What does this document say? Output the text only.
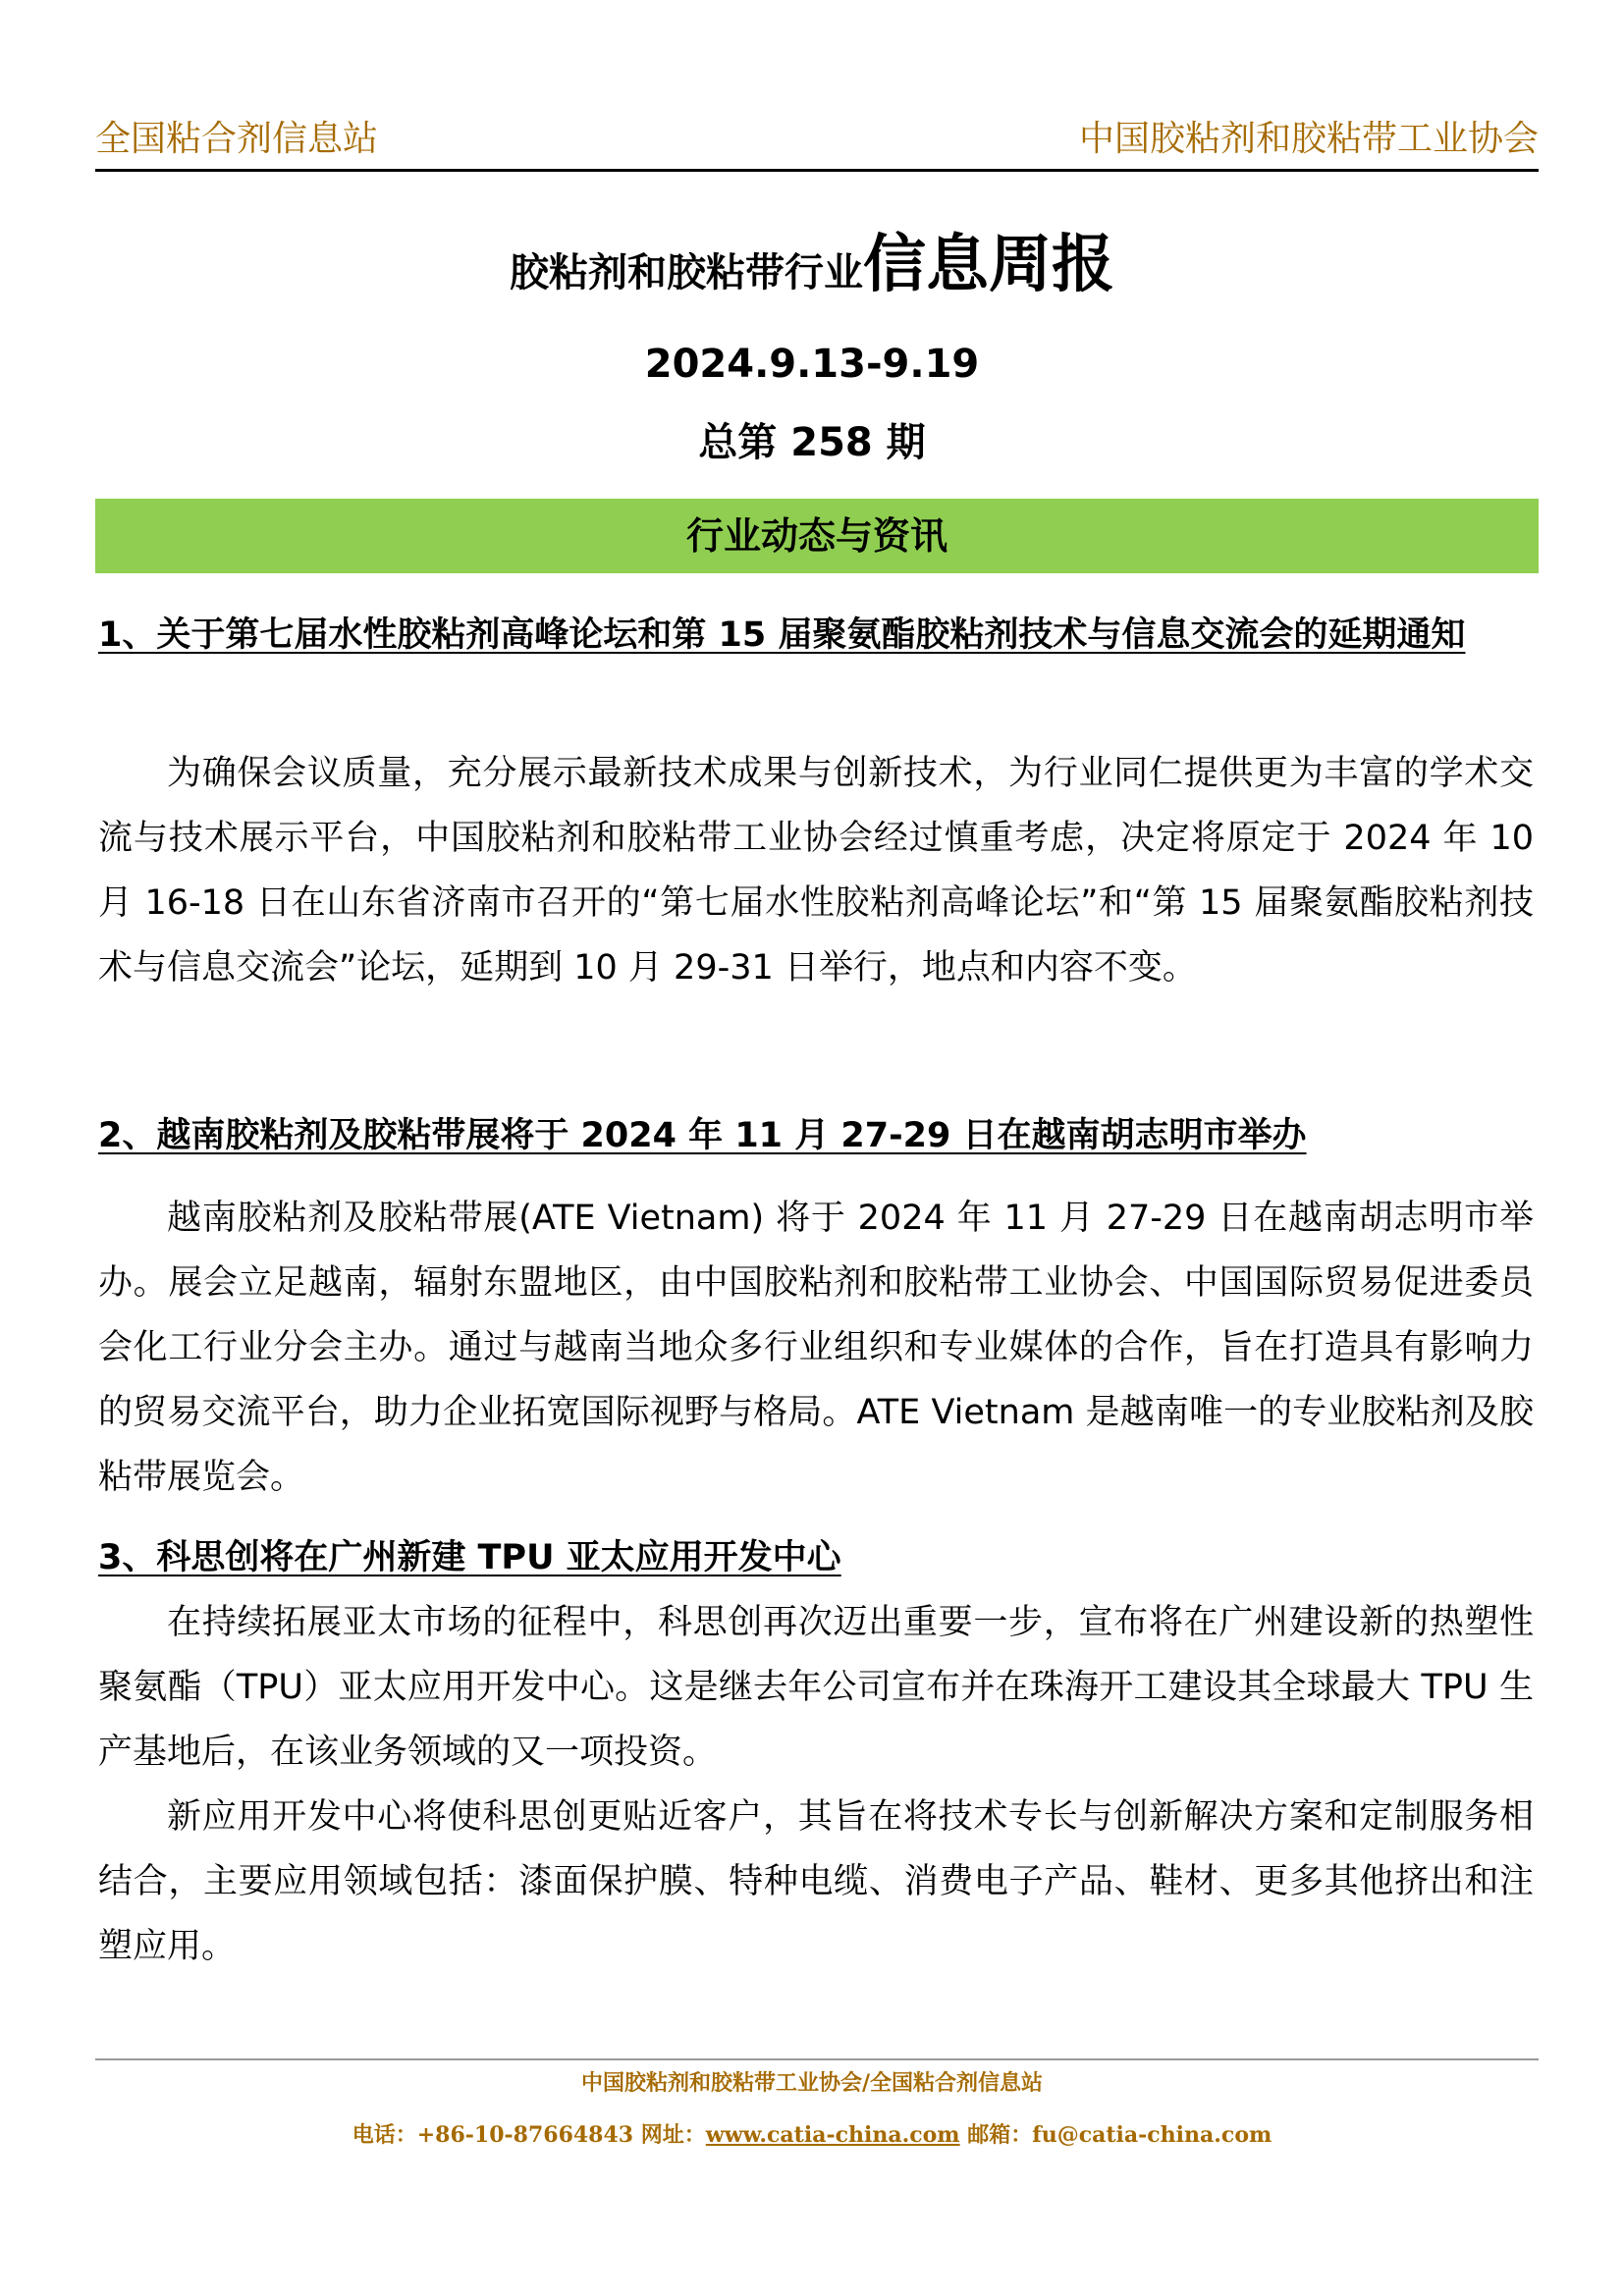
全国粘合剂信息站	中国胶粘剂和胶粘带工业协会
胶粘剂和胶粘带行业信息周报
2024.9.13-9.19
总第 258 期
行业动态与资讯
1、关于第七届水性胶粘剂高峰论坛和第 15 届聚氨酯胶粘剂技术与信息交流会的延期通知
为确保会议质量，充分展示最新技术成果与创新技术，为行业同仁提供更为丰富的学术交流与技术展示平台，中国胶粘剂和胶粘带工业协会经过慎重考虑，决定将原定于 2024 年 10 月 16-18 日在山东省济南市召开的“第七届水性胶粘剂高峰论坛”和“第 15 届聚氨酯胶粘剂技术与信息交流会”论坛，延期到 10 月 29-31 日举行，地点和内容不变。
2、越南胶粘剂及胶粘带展将于 2024 年 11 月 27-29 日在越南胡志明市举办
越南胶粘剂及胶粘带展(ATE Vietnam) 将于 2024 年 11 月 27-29 日在越南胡志明市举办。展会立足越南，辐射东盟地区，由中国胶粘剂和胶粘带工业协会、中国国际贸易促进委员会化工行业分会主办。通过与越南当地众多行业组织和专业媒体的合作，旨在打造具有影响力的贸易交流平台，助力企业拓宽国际视野与格局。ATE Vietnam 是越南唯一的专业胶粘剂及胶粘带展览会。
3、科思创将在广州新建 TPU 亚太应用开发中心
在持续拓展亚太市场的征程中，科思创再次迈出重要一步，宣布将在广州建设新的热塑性聚氨酯（TPU）亚太应用开发中心。这是继去年公司宣布并在珠海开工建设其全球最大 TPU 生产基地后，在该业务领域的又一项投资。
新应用开发中心将使科思创更贴近客户，其旨在将技术专长与创新解决方案和定制服务相结合，主要应用领域包括：漆面保护膜、特种电缆、消费电子产品、鞋材、更多其他挤出和注塑应用。
中国胶粘剂和胶粘带工业协会/全国粘合剂信息站
电话：+86-10-87664843 网址：www.catia-china.com 邮箱：fu@catia-china.com
